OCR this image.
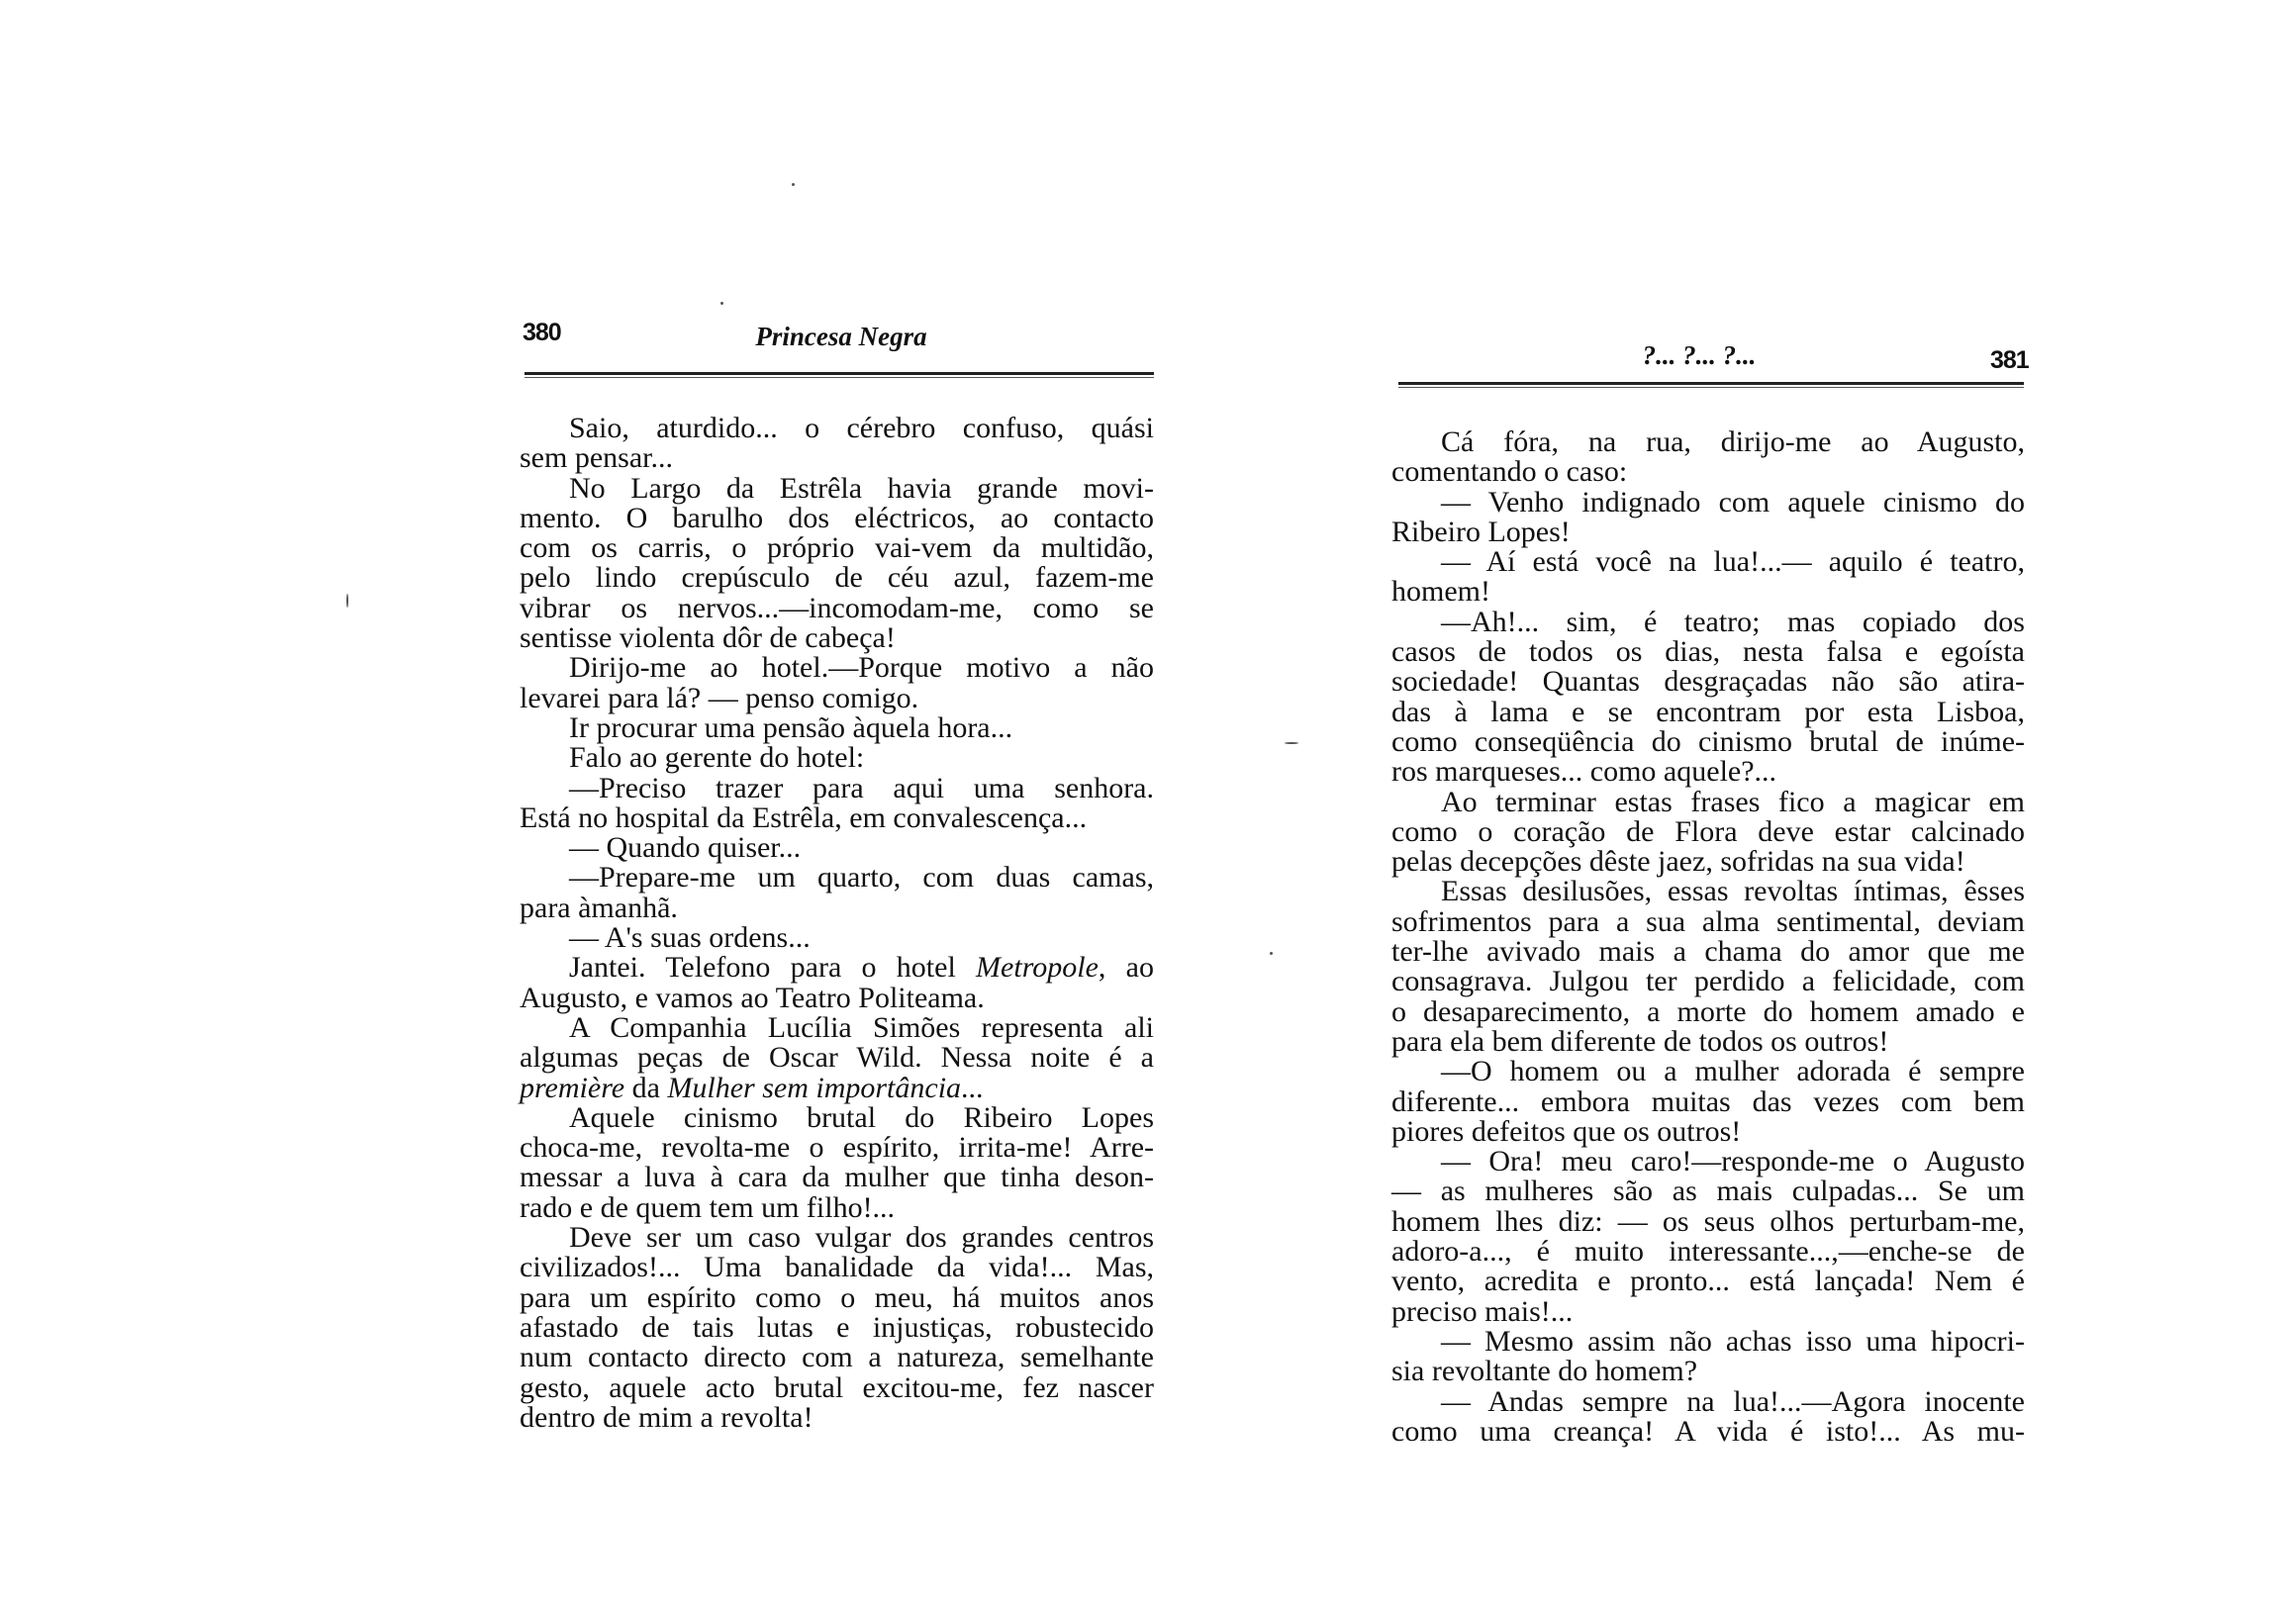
380	Princesa Negra
Saio, aturdido... o cérebro confuso, quási
sem pensar...
No Largo da Estrêla havia grande movi-
mento. O barulho dos eléctricos, ao contacto
com os carris, o próprio vai-vem da multidão,
pelo lindo crepúsculo de céu azul, fazem-me
vibrar os nervos...—incomodam-me, como se
sentisse violenta dôr de cabeça!
Dirijo-me ao hotel.—Porque motivo a não
levarei para lá? — penso comigo.
Ir procurar uma pensão àquela hora...
Falo ao gerente do hotel:
—Preciso trazer para aqui uma senhora.
Está no hospital da Estrêla, em convalescença...
— Quando quiser...
—Prepare-me um quarto, com duas camas,
para àmanhã.
— A's suas ordens...
Jantei. Telefono para o hotel Metropole, ao
Augusto, e vamos ao Teatro Politeama.
A Companhia Lucília Simões representa ali
algumas peças de Oscar Wild. Nessa noite é a
première da Mulher sem importância...
Aquele cinismo brutal do Ribeiro Lopes
choca-me, revolta-me o espírito, irrita-me! Arre-
messar a luva à cara da mulher que tinha deson-
rado e de quem tem um filho!...
Deve ser um caso vulgar dos grandes centros
civilizados!... Uma banalidade da vida!... Mas,
para um espírito como o meu, há muitos anos
afastado de tais lutas e injustiças, robustecido
num contacto directo com a natureza, semelhante
gesto, aquele acto brutal excitou-me, fez nascer
dentro de mim a revolta!
?... ?... ?...	381
Cá fóra, na rua, dirijo-me ao Augusto,
comentando o caso:
— Venho indignado com aquele cinismo do
Ribeiro Lopes!
— Aí está você na lua!...— aquilo é teatro,
homem!
—Ah!... sim, é teatro; mas copiado dos
casos de todos os dias, nesta falsa e egoísta
sociedade! Quantas desgraçadas não são atira-
das à lama e se encontram por esta Lisboa,
como conseqüência do cinismo brutal de inúme-
ros marqueses... como aquele?...
Ao terminar estas frases fico a magicar em
como o coração de Flora deve estar calcinado
pelas decepções dêste jaez, sofridas na sua vida!
Essas desilusões, essas revoltas íntimas, êsses
sofrimentos para a sua alma sentimental, deviam
ter-lhe avivado mais a chama do amor que me
consagrava. Julgou ter perdido a felicidade, com
o desaparecimento, a morte do homem amado e
para ela bem diferente de todos os outros!
—O homem ou a mulher adorada é sempre
diferente... embora muitas das vezes com bem
piores defeitos que os outros!
— Ora! meu caro!—responde-me o Augusto
— as mulheres são as mais culpadas... Se um
homem lhes diz: — os seus olhos perturbam-me,
adoro-a..., é muito interessante...,—enche-se de
vento, acredita e pronto... está lançada! Nem é
preciso mais!...
— Mesmo assim não achas isso uma hipocri-
sia revoltante do homem?
— Andas sempre na lua!...—Agora inocente
como uma creança! A vida é isto!... As mu-
